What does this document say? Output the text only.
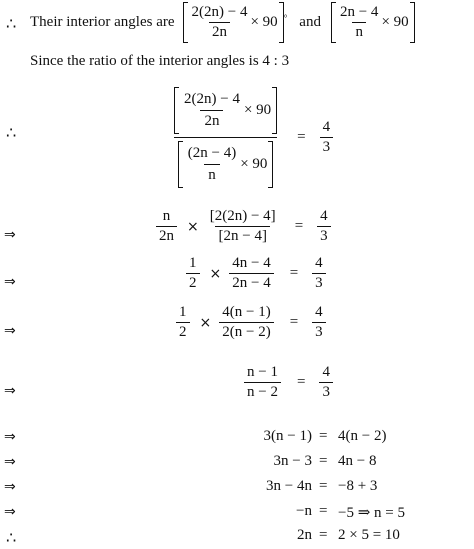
∴ Their interior angles are $\frac{2(2n) - 4}{2n} \times 90$ ° and $\frac{2n - 4}{n} \times 90$
Since the ratio of the interior angles is 4 : 3
∴	$\frac{\frac{2(2n) - 4}{2n} \times 90}{\frac{(2n - 4)}{n} \times 90} = \frac{4}{3}$
⇒	$\frac{n}{2n} \times \frac{[2(2n) - 4]}{[2n - 4]} = \frac{4}{3}$
⇒	$\frac{1}{2} \times \frac{4n - 4}{2n - 4} = \frac{4}{3}$
⇒	$\frac{1}{2} \times \frac{4(n - 1)}{2(n - 2)} = \frac{4}{3}$
⇒	$\frac{n - 1}{n - 2} = \frac{4}{3}$
⇒	3(n − 1) = 4(n − 2)
⇒	3n − 3 = 4n − 8
⇒	3n − 4n = −8 + 3
⇒	−n = −5 ⇒ n = 5
∴	2n = 2 × 5 = 10
